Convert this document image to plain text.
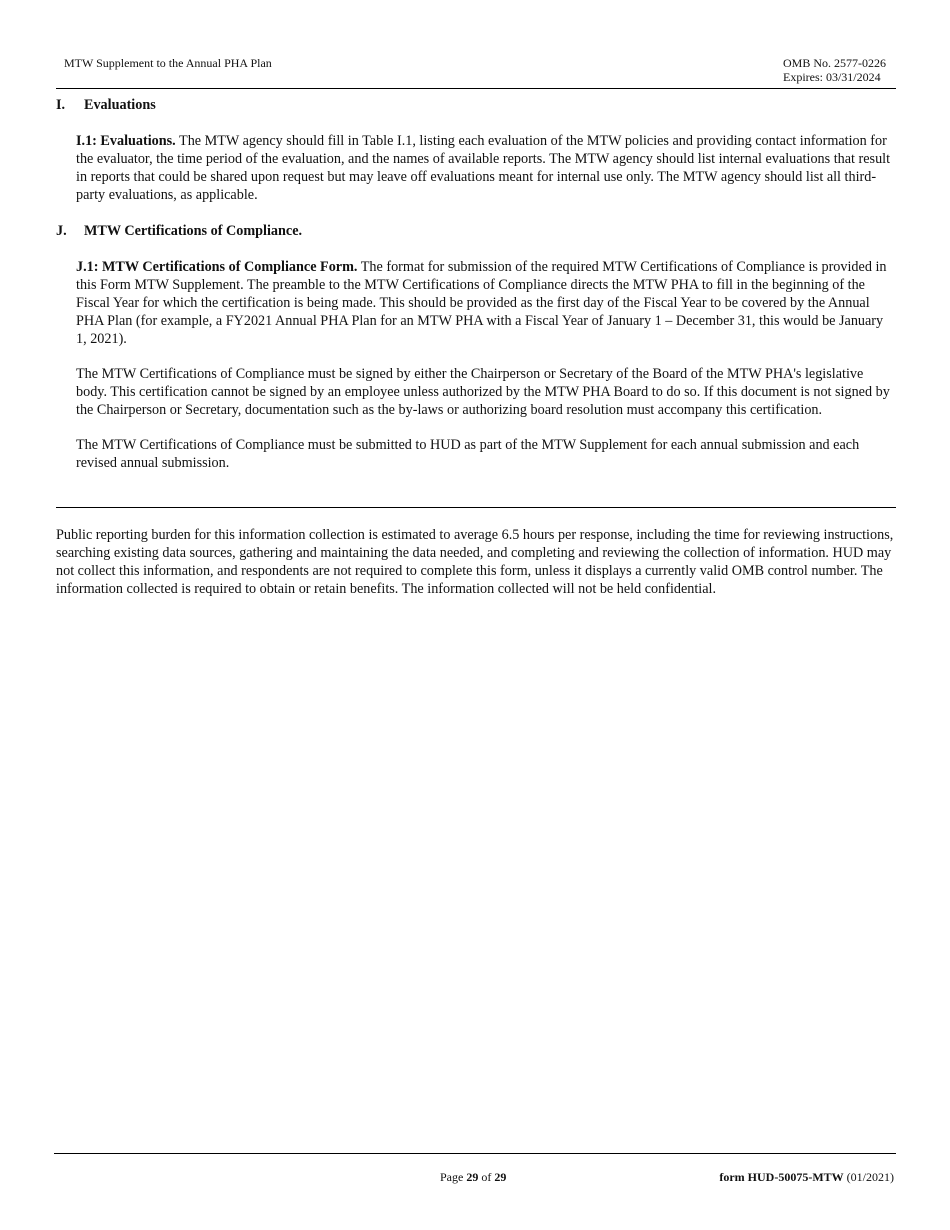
MTW Supplement to the Annual PHA Plan	OMB No. 2577-0226
Expires: 03/31/2024

I. Evaluations

I.1: Evaluations. The MTW agency should fill in Table I.1, listing each evaluation of the MTW policies and providing contact information for the evaluator, the time period of the evaluation, and the names of available reports. The MTW agency should list internal evaluations that result in reports that could be shared upon request but may leave off evaluations meant for internal use only. The MTW agency should list all third-party evaluations, as applicable.

J. MTW Certifications of Compliance.

J.1: MTW Certifications of Compliance Form. The format for submission of the required MTW Certifications of Compliance is provided in this Form MTW Supplement. The preamble to the MTW Certifications of Compliance directs the MTW PHA to fill in the beginning of the Fiscal Year for which the certification is being made. This should be provided as the first day of the Fiscal Year to be covered by the Annual PHA Plan (for example, a FY2021 Annual PHA Plan for an MTW PHA with a Fiscal Year of January 1 – December 31, this would be January 1, 2021).

The MTW Certifications of Compliance must be signed by either the Chairperson or Secretary of the Board of the MTW PHA's legislative body. This certification cannot be signed by an employee unless authorized by the MTW PHA Board to do so. If this document is not signed by the Chairperson or Secretary, documentation such as the by-laws or authorizing board resolution must accompany this certification.

The MTW Certifications of Compliance must be submitted to HUD as part of the MTW Supplement for each annual submission and each revised annual submission.

Public reporting burden for this information collection is estimated to average 6.5 hours per response, including the time for reviewing instructions, searching existing data sources, gathering and maintaining the data needed, and completing and reviewing the collection of information. HUD may not collect this information, and respondents are not required to complete this form, unless it displays a currently valid OMB control number. The information collected is required to obtain or retain benefits. The information collected will not be held confidential.

Page 29 of 29	form HUD-50075-MTW (01/2021)
